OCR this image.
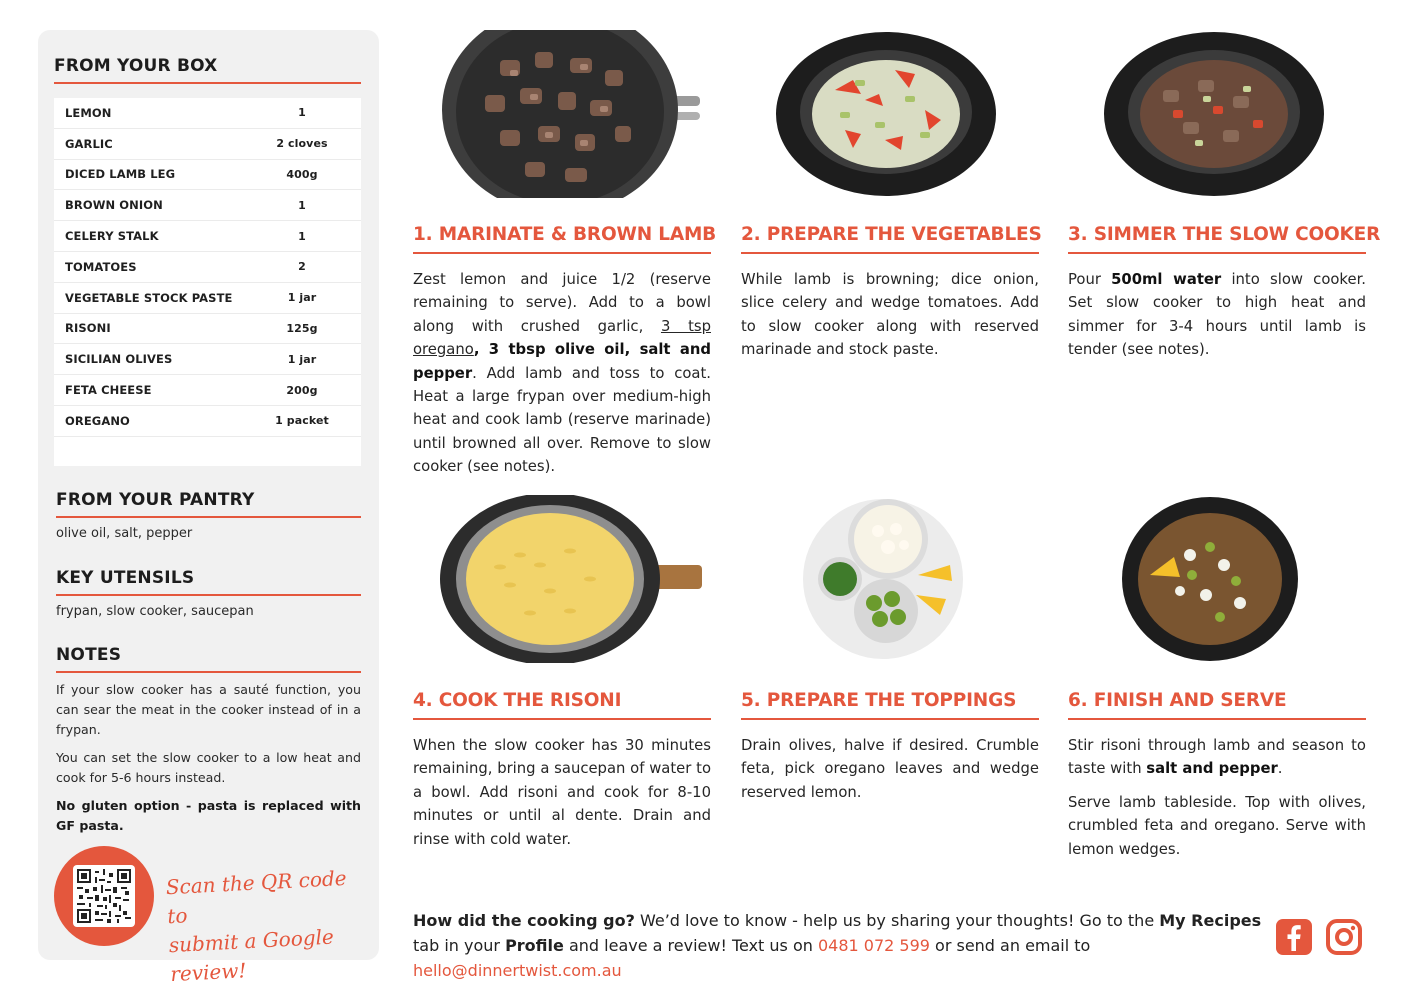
FROM YOUR BOX
LEMON	1
GARLIC	2 cloves
DICED LAMB LEG	400g
BROWN ONION	1
CELERY STALK	1
TOMATOES	2
VEGETABLE STOCK PASTE	1 jar
RISONI	125g
SICILIAN OLIVES	1 jar
FETA CHEESE	200g
OREGANO	1 packet
FROM YOUR PANTRY
olive oil, salt, pepper
KEY UTENSILS
frypan, slow cooker, saucepan
NOTES

If your slow cooker has a sauté function, you can sear the meat in the cooker instead of in a frypan.

You can set the slow cooker to a low heat and cook for 5-6 hours instead.

No gluten option - pasta is replaced with GF pasta.

Scan the QR code to
submit a Google review!
1. MARINATE & BROWN LAMB
Zest lemon and juice 1/2 (reserve remaining to serve). Add to a bowl along with crushed garlic, 3 tsp oregano, 3 tbsp olive oil, salt and pepper. Add lamb and toss to coat. Heat a large frypan over medium-high heat and cook lamb (reserve marinade) until browned all over. Remove to slow cooker (see notes).
2. PREPARE THE VEGETABLES
While lamb is browning; dice onion, slice celery and wedge tomatoes. Add to slow cooker along with reserved marinade and stock paste.
3. SIMMER THE SLOW COOKER
Pour 500ml water into slow cooker. Set slow cooker to high heat and simmer for 3-4 hours until lamb is tender (see notes).
4. COOK THE RISONI
When the slow cooker has 30 minutes remaining, bring a saucepan of water to a bowl. Add risoni and cook for 8-10 minutes or until al dente. Drain and rinse with cold water.
5. PREPARE THE TOPPINGS
Drain olives, halve if desired. Crumble feta, pick oregano leaves and wedge reserved lemon.
6. FINISH AND SERVE

Stir risoni through lamb and season to taste with salt and pepper.

Serve lamb tableside. Top with olives, crumbled feta and oregano. Serve with lemon wedges.

How did the cooking go? We’d love to know - help us by sharing your thoughts! Go to the My Recipes tab in your Profile and leave a review! Text us on 0481 072 599 or send an email to hello@dinnertwist.com.au
